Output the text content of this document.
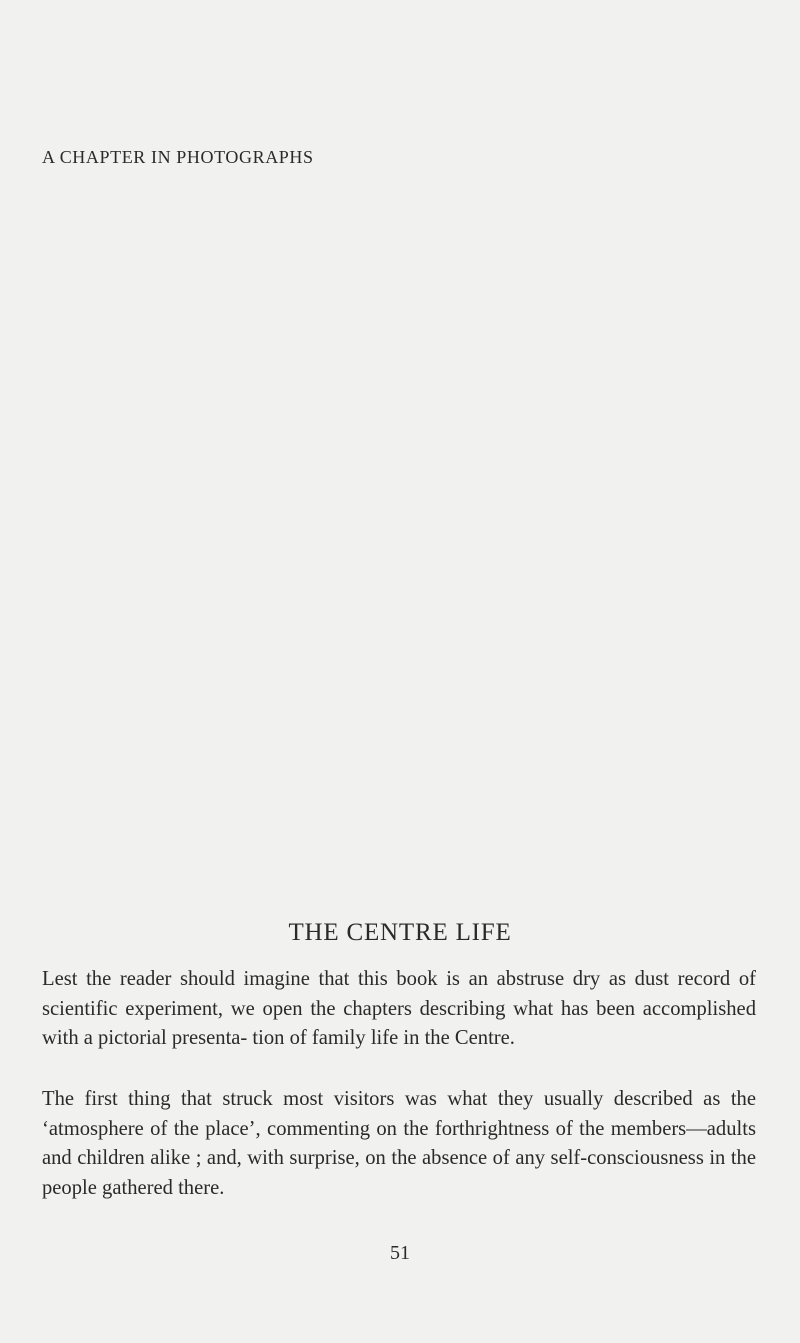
A CHAPTER IN PHOTOGRAPHS
THE CENTRE LIFE

Lest the reader should imagine that this book is an abstruse dry as dust record of scientific experiment, we open the chapters describing what has been accomplished with a pictorial presenta- tion of family life in the Centre.

The first thing that struck most visitors was what they usually described as the ‘atmosphere of the place’, commenting on the forthrightness of the members—adults and children alike ; and, with surprise, on the absence of any self-consciousness in the people gathered there.

51
